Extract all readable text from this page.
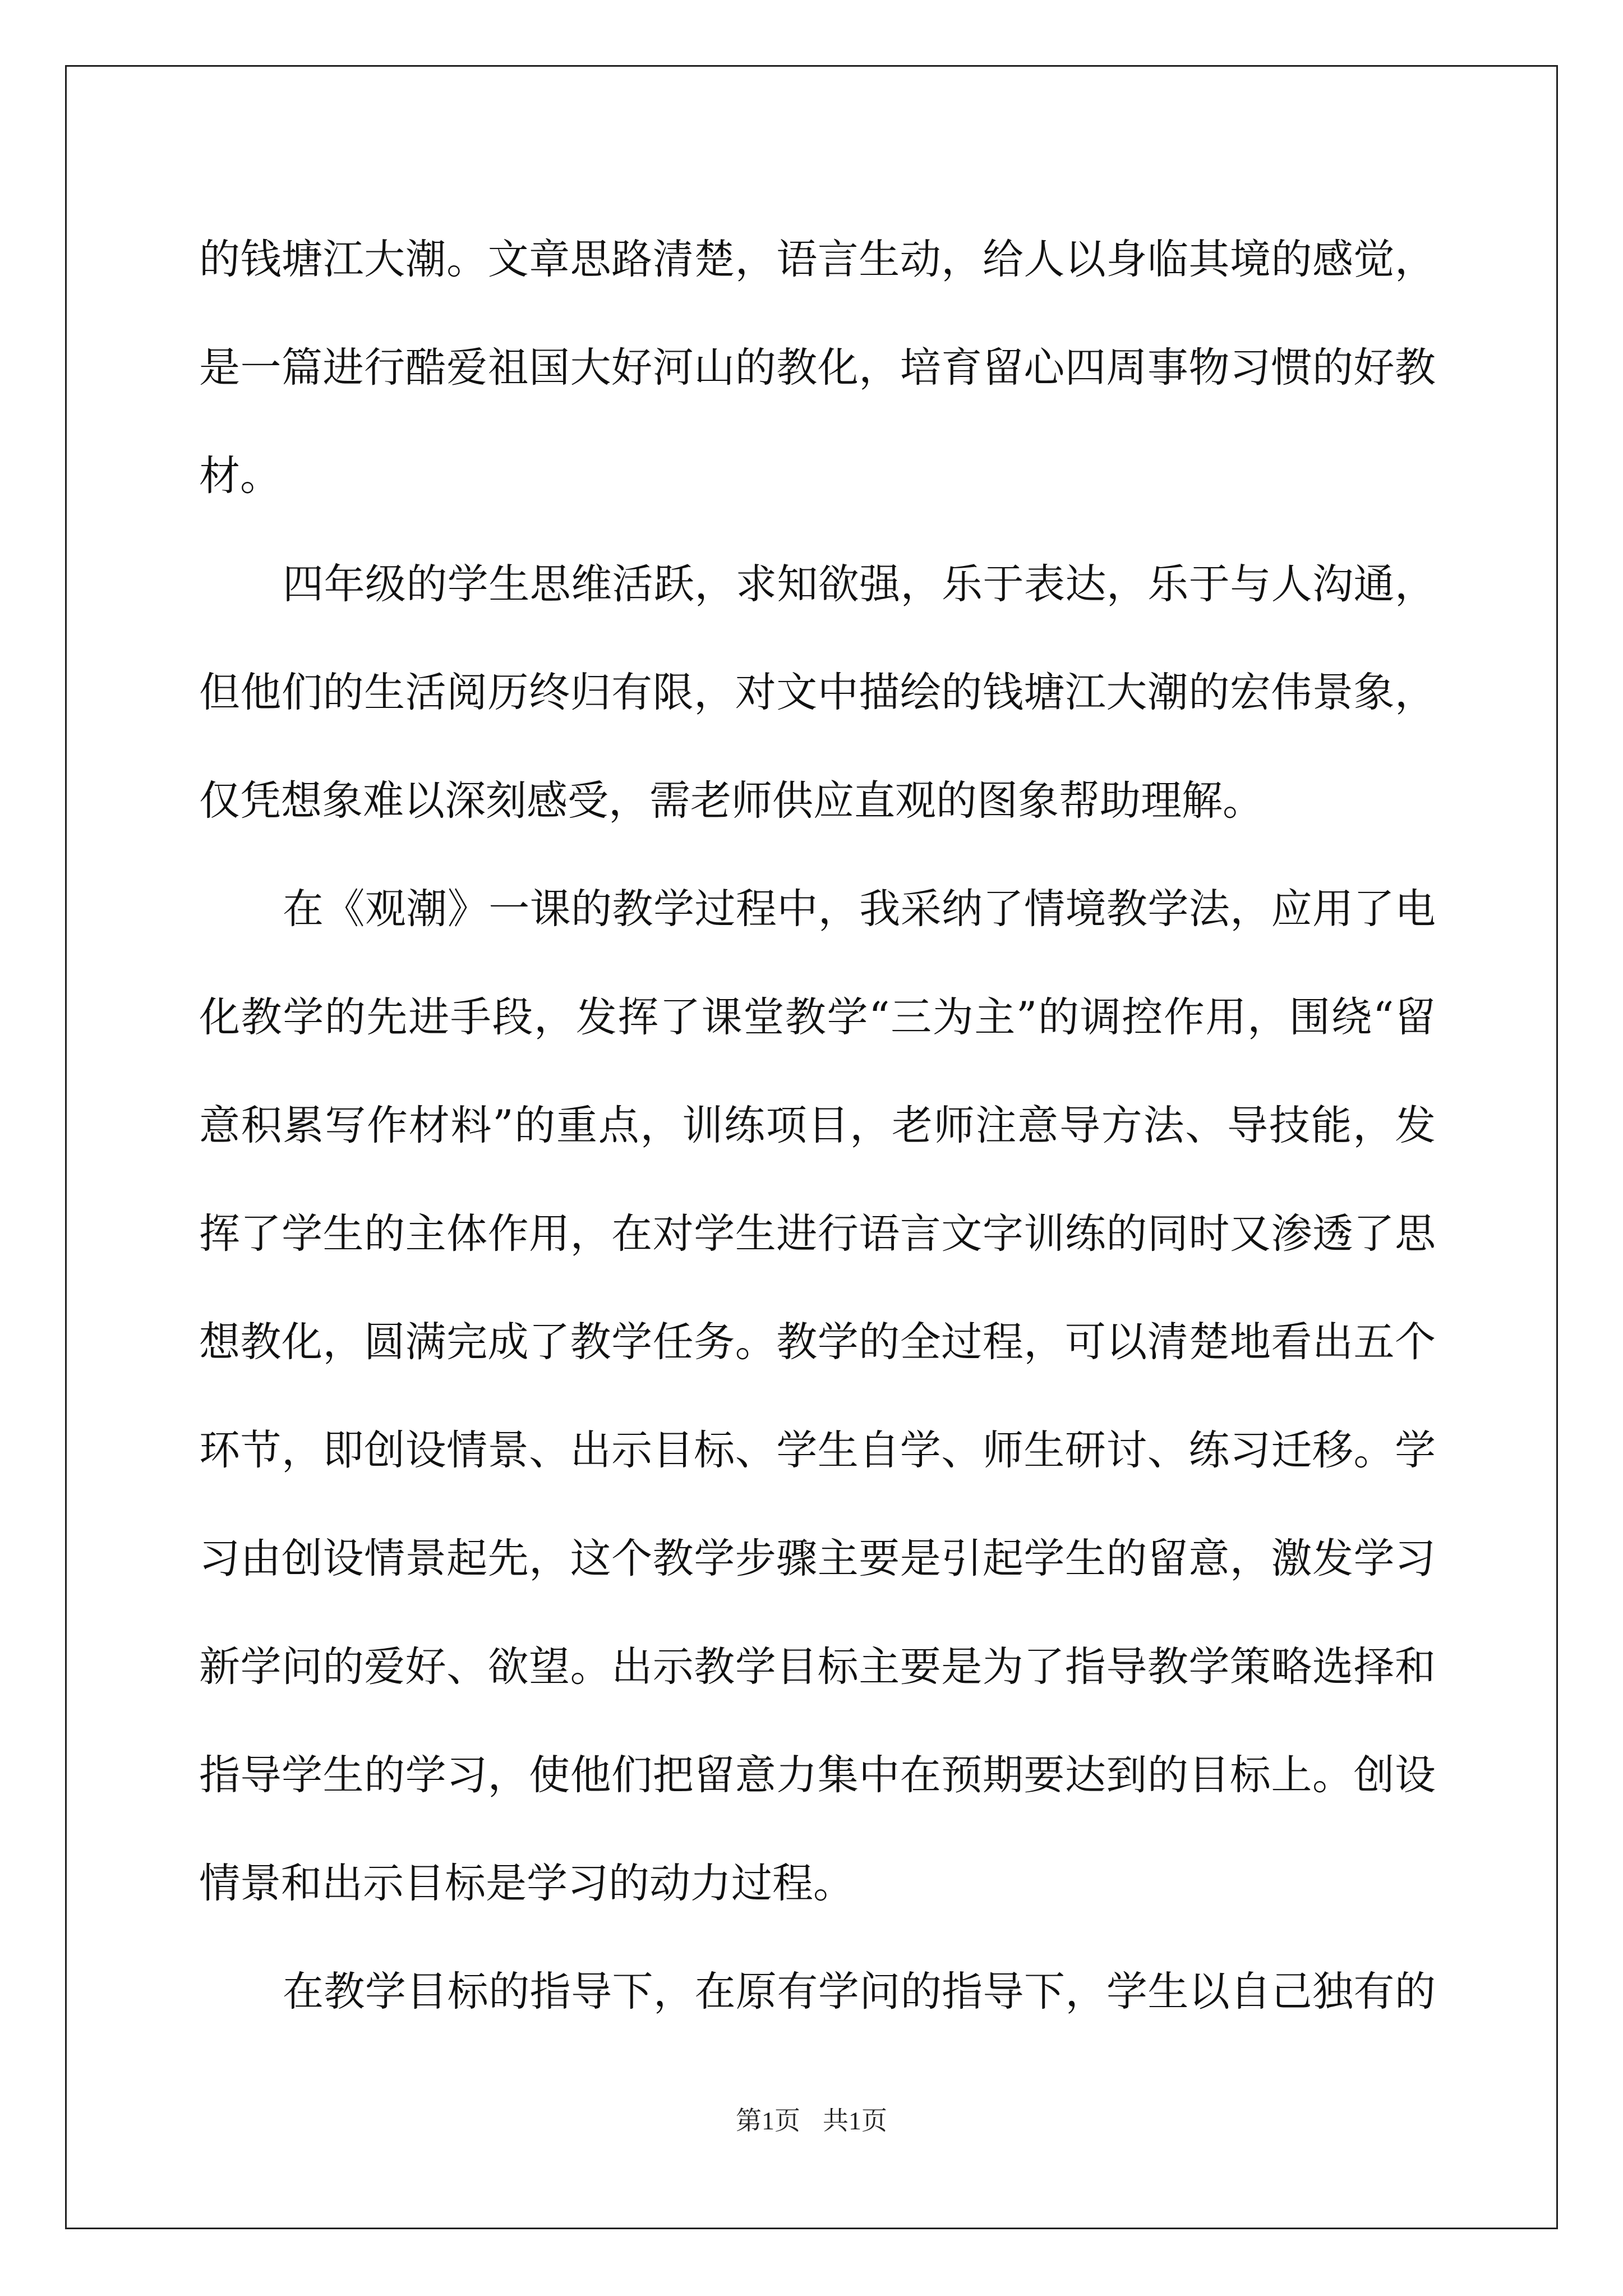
的钱塘江大潮。文章思路清楚，语言生动，给人以身临其境的感觉，

是一篇进行酷爱祖国大好河山的教化，培育留心四周事物习惯的好教

材。

四年级的学生思维活跃，求知欲强，乐于表达，乐于与人沟通，

但他们的生活阅历终归有限，对文中描绘的钱塘江大潮的宏伟景象，

仅凭想象难以深刻感受，需老师供应直观的图象帮助理解。

在《观潮》一课的教学过程中，我采纳了情境教学法，应用了电

化教学的先进手段，发挥了课堂教学“三为主”的调控作用，围绕“留

意积累写作材料”的重点，训练项目，老师注意导方法、导技能，发

挥了学生的主体作用，在对学生进行语言文字训练的同时又渗透了思

想教化，圆满完成了教学任务。教学的全过程，可以清楚地看出五个

环节，即创设情景、出示目标、学生自学、师生研讨、练习迁移。学

习由创设情景起先，这个教学步骤主要是引起学生的留意，激发学习

新学问的爱好、欲望。出示教学目标主要是为了指导教学策略选择和

指导学生的学习，使他们把留意力集中在预期要达到的目标上。创设

情景和出示目标是学习的动力过程。

在教学目标的指导下，在原有学问的指导下，学生以自己独有的

第1页 共1页
